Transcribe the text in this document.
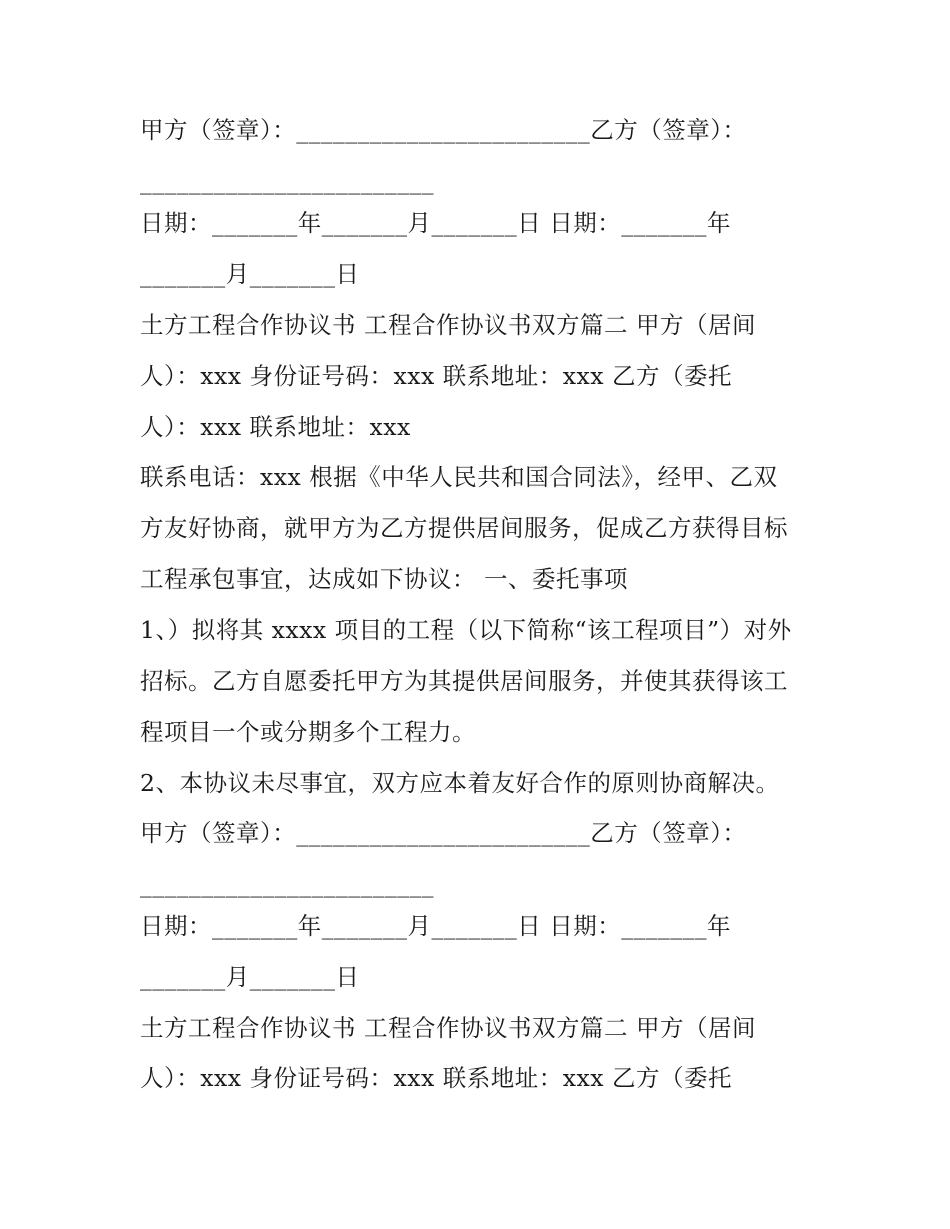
甲方（签章）：________________________乙方（签章）：
________________________
日期：_______年_______月_______日 日期：_______年
_______月_______日
土方工程合作协议书 工程合作协议书双方篇二 甲方（居间
人）：xxx 身份证号码：xxx 联系地址：xxx 乙方（委托
人）：xxx 联系地址：xxx
联系电话：xxx 根据《中华人民共和国合同法》，经甲、乙双
方友好协商，就甲方为乙方提供居间服务，促成乙方获得目标
工程承包事宜，达成如下协议： 一、委托事项
1、）拟将其 xxxx 项目的工程（以下简称“该工程项目”）对外
招标。乙方自愿委托甲方为其提供居间服务，并使其获得该工
程项目一个或分期多个工程力。
2、本协议未尽事宜，双方应本着友好合作的原则协商解决。
甲方（签章）：________________________乙方（签章）：
________________________
日期：_______年_______月_______日 日期：_______年
_______月_______日
土方工程合作协议书 工程合作协议书双方篇二 甲方（居间
人）：xxx 身份证号码：xxx 联系地址：xxx 乙方（委托
